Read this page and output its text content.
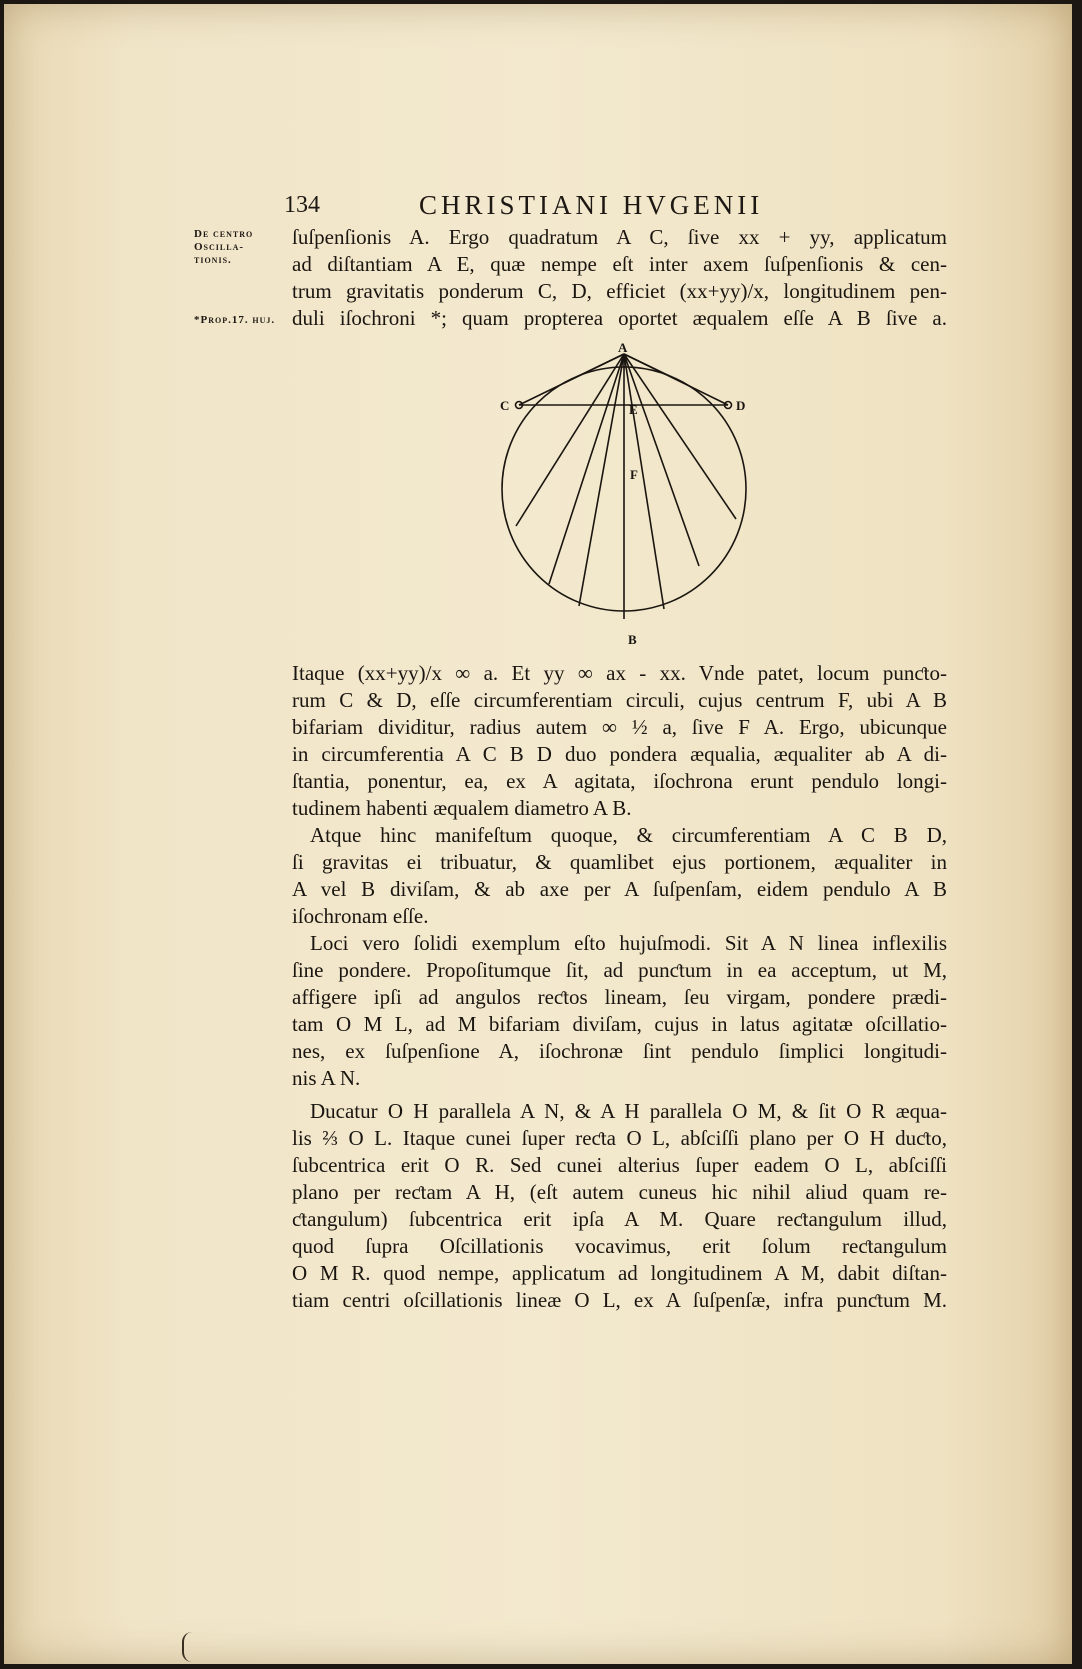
134	CHRISTIANI HVGENII
De centro
Oscilla-
tionis.
*Prop.17. huj.
ſuſpenſionis A. Ergo quadratum A C, ſive xx + yy, applicatum
ad diſtantiam A E, quæ nempe eſt inter axem ſuſpenſionis & cen-
trum gravitatis ponderum C, D, efficiet (xx+yy)/x, longitudinem pen-
duli iſochroni *; quam propterea oportet æqualem eſſe A B ſive a.
A
C	D
E
F
B
Itaque (xx+yy)/x ∞ a. Et yy ∞ ax - xx. Vnde patet, locum punƈto-
rum C & D, eſſe circumferentiam circuli, cujus centrum F, ubi A B
bifariam dividitur, radius autem ∞ ½ a, ſive F A. Ergo, ubicunque
in circumferentia A C B D duo pondera æqualia, æqualiter ab A di-
ſtantia, ponentur, ea, ex A agitata, iſochrona erunt pendulo longi-
tudinem habenti æqualem diametro A B.
Atque hinc manifeſtum quoque, & circumferentiam A C B D,
ſi gravitas ei tribuatur, & quamlibet ejus portionem, æqualiter in
A vel B diviſam, & ab axe per A ſuſpenſam, eidem pendulo A B
iſochronam eſſe.
Loci vero ſolidi exemplum eſto hujuſmodi. Sit A N linea inflexilis
ſine pondere. Propoſitumque ſit, ad punƈtum in ea acceptum, ut M,
affigere ipſi ad angulos reƈtos lineam, ſeu virgam, pondere prædi-
tam O M L, ad M bifariam diviſam, cujus in latus agitatæ oſcillatio-
nes, ex ſuſpenſione A, iſochronæ ſint pendulo ſimplici longitudi-
nis A N.
Ducatur O H parallela A N, & A H parallela O M, & ſit O R æqua-
lis ⅔ O L. Itaque cunei ſuper reƈta O L, abſciſſi plano per O H duƈto,
ſubcentrica erit O R. Sed cunei alterius ſuper eadem O L, abſciſſi
plano per reƈtam A H, (eſt autem cuneus hic nihil aliud quam re-
ƈtangulum) ſubcentrica erit ipſa A M. Quare reƈtangulum illud,
quod ſupra Oſcillationis vocavimus, erit ſolum reƈtangulum
O M R. quod nempe, applicatum ad longitudinem A M, dabit diſtan-
tiam centri oſcillationis lineæ O L, ex A ſuſpenſæ, infra punƈtum M.
